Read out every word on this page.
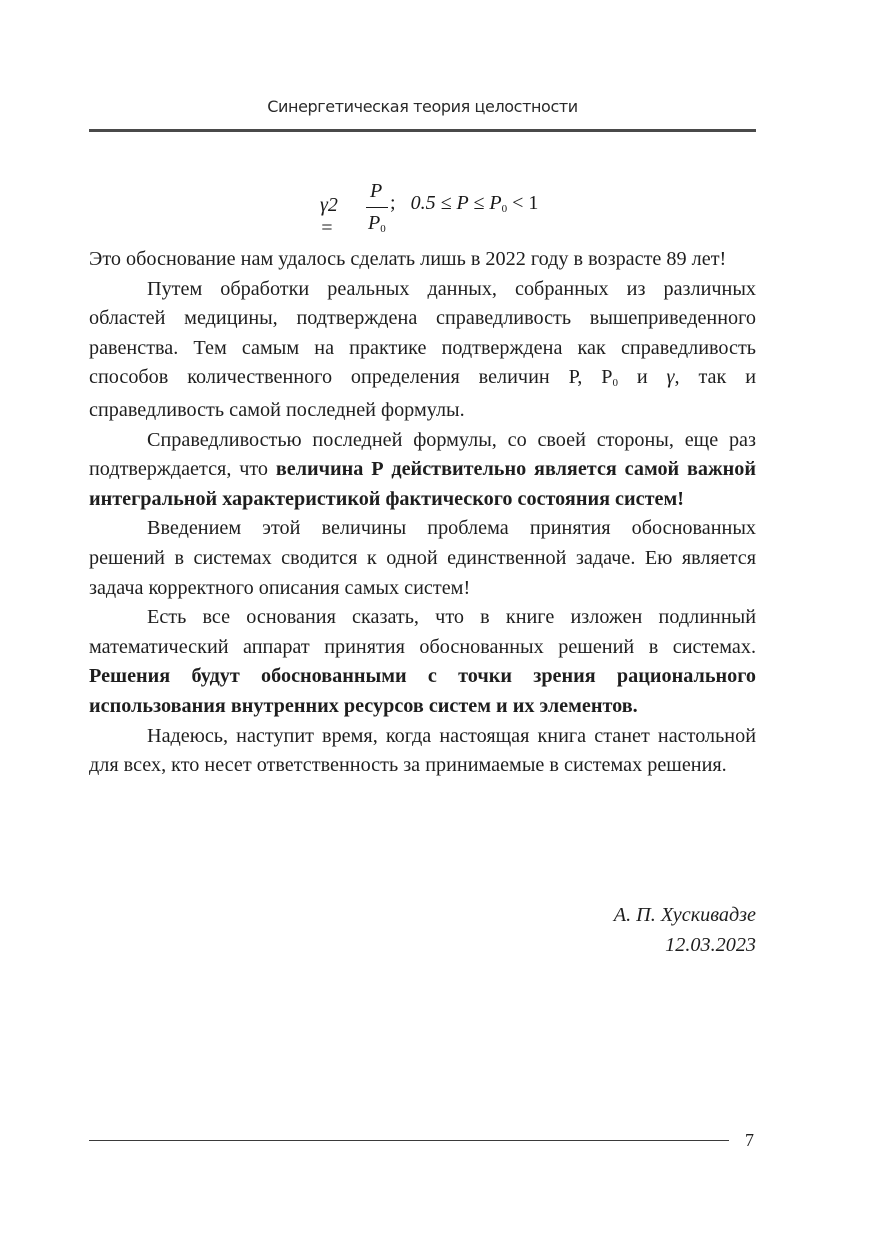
Синергетическая теория целостности
γ2 =
P
$P_0$
; $0.5 \le P \le P_0 < 1$

Это обоснование нам удалось сделать лишь в 2022 году в возрасте 89 лет!

Путем обработки реальных данных, собранных из различных областей медицины, подтверждена справедливость вышеприведенного равенства. Тем самым на практике подтверждена как справедливость способов количественного определения величин Р, $Р_0$ и γ, так и справедливость самой последней формулы.

Справедливостью последней формулы, со своей стороны, еще раз подтверждается, что величина Р действительно является самой важной интегральной характеристикой фактического состояния систем!

Введением этой величины проблема принятия обоснованных решений в системах сводится к одной единственной задаче. Ею является задача корректного описания самых систем!

Есть все основания сказать, что в книге изложен подлинный математический аппарат принятия обоснованных решений в системах. Решения будут обоснованными с точки зрения рационального использования внутренних ресурсов систем и их элементов.

Надеюсь, наступит время, когда настоящая книга станет настольной для всех, кто несет ответственность за принимаемые в системах решения.

А. П. Хускивадзе
12.03.2023
7
